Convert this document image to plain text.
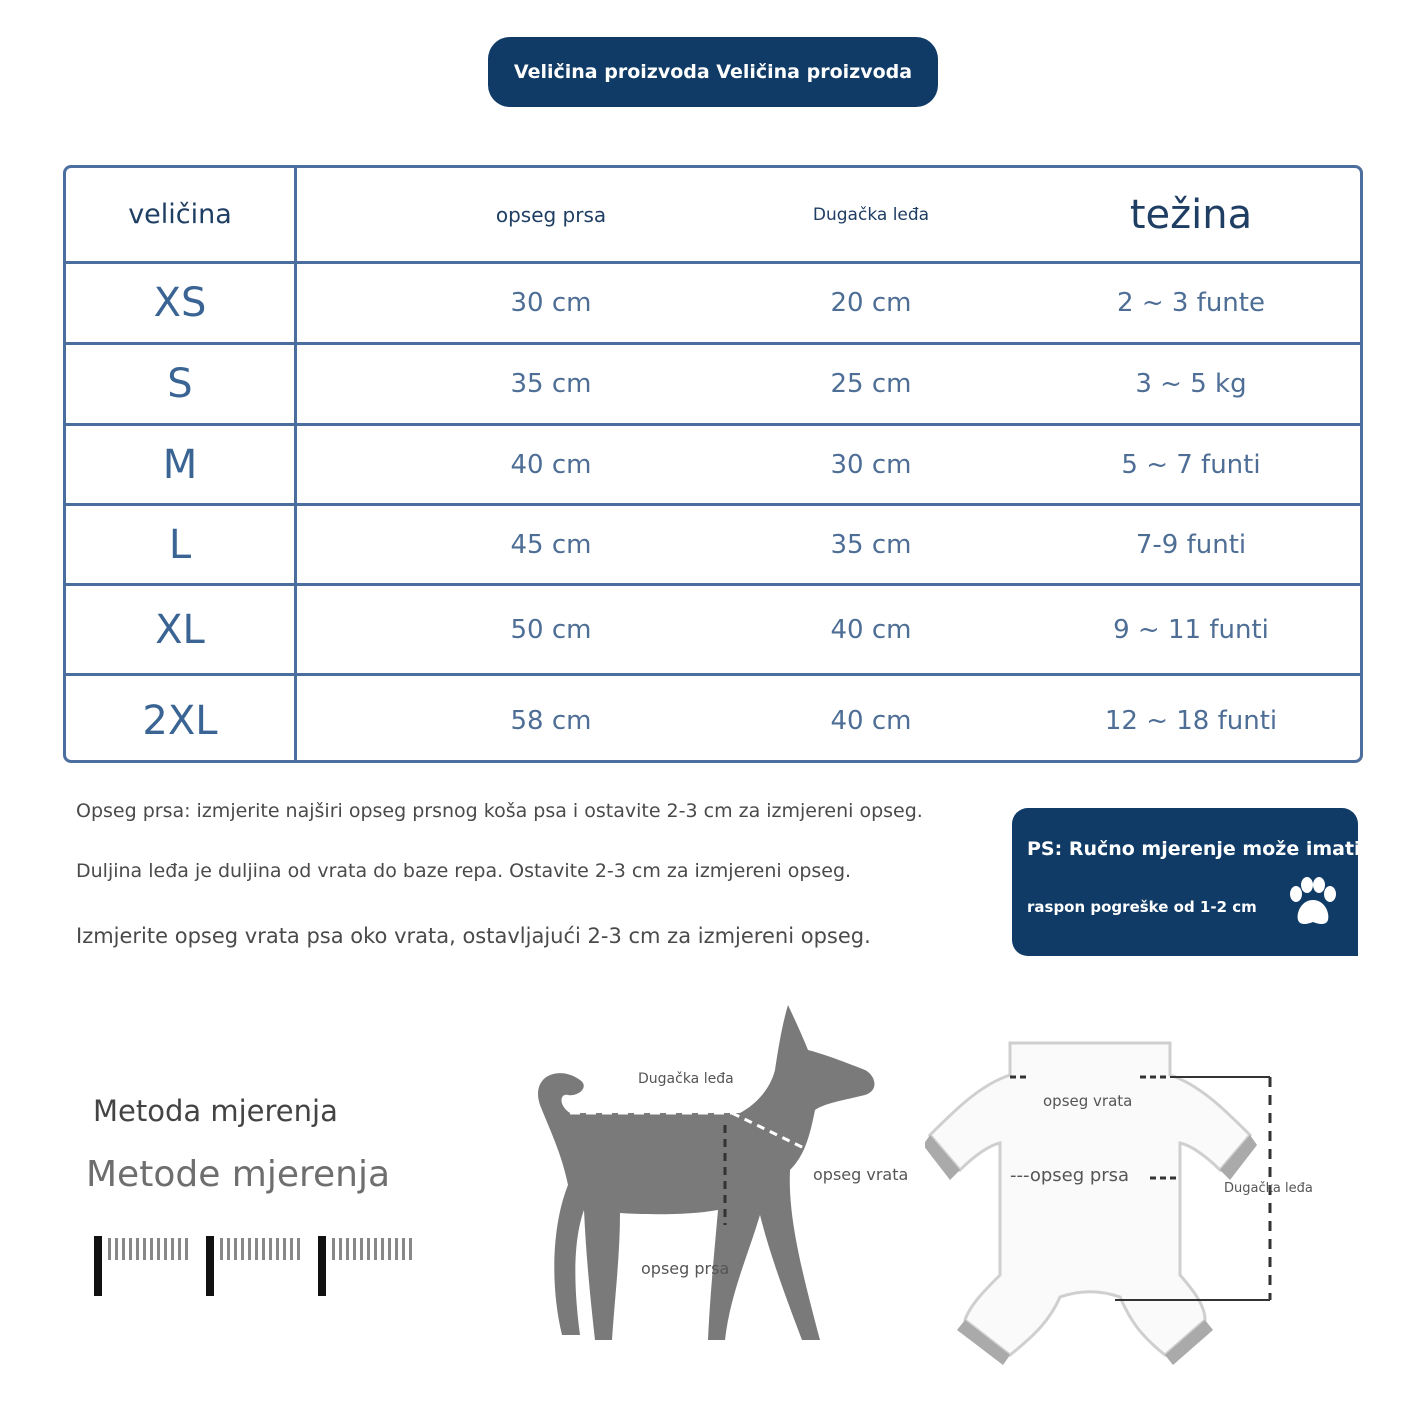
Veličina proizvoda Veličina proizvoda
veličina	opseg prsa	Dugačka leđa	težina
XS	30 cm	20 cm	2 ~ 3 funte
S	35 cm	25 cm	3 ~ 5 kg
M	40 cm	30 cm	5 ~ 7 funti
L	45 cm	35 cm	7-9 funti
XL	50 cm	40 cm	9 ~ 11 funti
2XL	58 cm	40 cm	12 ~ 18 funti
Opseg prsa: izmjerite najširi opseg prsnog koša psa i ostavite 2-3 cm za izmjereni opseg.
Duljina leđa je duljina od vrata do baze repa. Ostavite 2-3 cm za izmjereni opseg.
Izmjerite opseg vrata psa oko vrata, ostavljajući 2-3 cm za izmjereni opseg.
PS: Ručno mjerenje može imati
raspon pogreške od 1-2 cm
Metoda mjerenja
Metode mjerenja
Dugačka leđa
opseg vrata
opseg prsa
opseg vrata
---opseg prsa
Dugačka leđa
